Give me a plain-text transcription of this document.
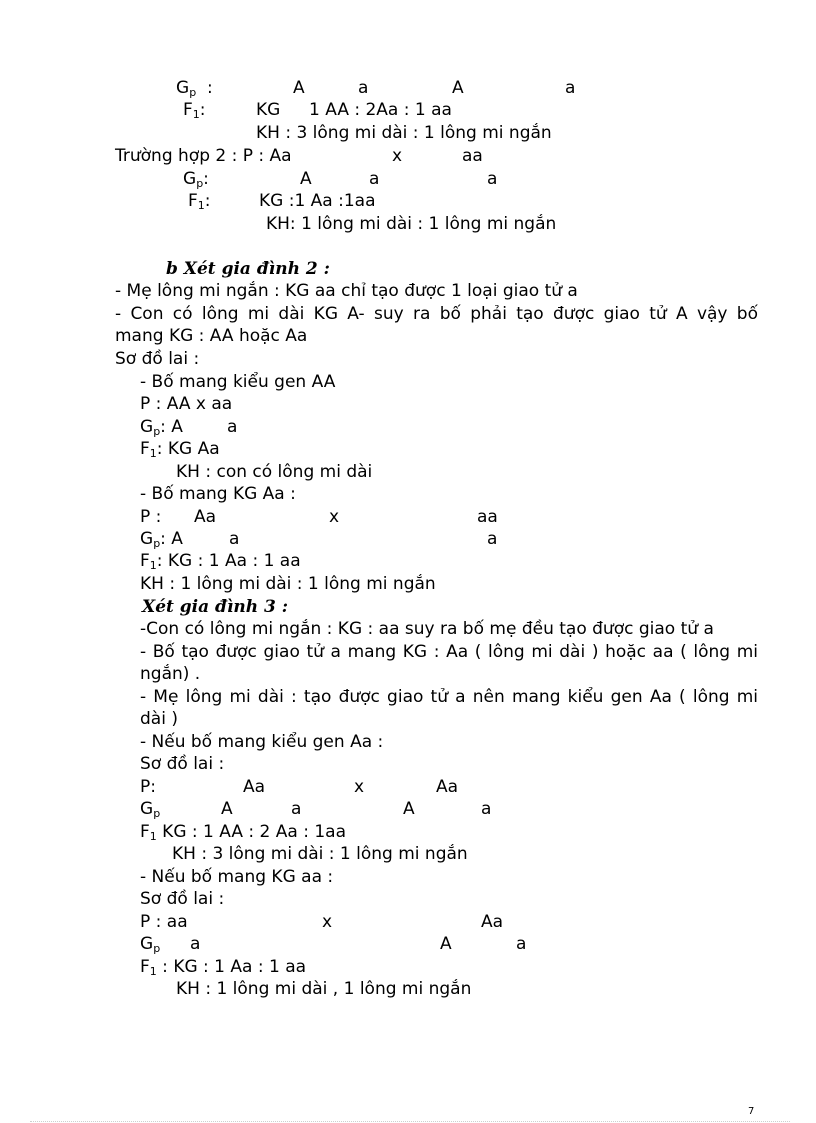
$G_p$ :	A	a	A	a
$F_1$:	KG 1 AA : 2Aa : 1 aa
KH : 3 lông mi dài : 1 lông mi ngắn
Trường hợp 2 : P : Aa	x	aa
$G_p$:	A	a	a
$F_1$:	KG :1 Aa :1aa
KH: 1 lông mi dài : 1 lông mi ngắn
b Xét gia đình 2 :
- Mẹ lông mi ngắn : KG aa chỉ tạo được 1 loại giao tử a
- Con có lông mi dài KG A- suy ra bố phải tạo được giao tử A vậy bố
mang KG : AA hoặc Aa
Sơ đồ lai :
- Bố mang kiểu gen AA
P : AA x aa
$G_p$: A	a
$F_1$: KG Aa
KH : con có lông mi dài
- Bố mang KG Aa :
P : Aa	x	aa
$G_p$: A	a	a
$F_1$: KG : 1 Aa : 1 aa
KH : 1 lông mi dài : 1 lông mi ngắn
Xét gia đình 3 :
-Con có lông mi ngắn : KG : aa suy ra bố mẹ đều tạo được giao tử a
- Bố tạo được giao tử a mang KG : Aa ( lông mi dài ) hoặc aa ( lông mi
ngắn) .
- Mẹ lông mi dài : tạo được giao tử a nên mang kiểu gen Aa ( lông mi
dài )
- Nếu bố mang kiểu gen Aa :
Sơ đồ lai :
P:	Aa	x	Aa
$G_p$	A	a	A	a
$F_1$ KG : 1 AA : 2 Aa : 1aa
KH : 3 lông mi dài : 1 lông mi ngắn
- Nếu bố mang KG aa :
Sơ đồ lai :
P : aa	x	Aa
$G_p$ a	A	a
$F_1$ : KG : 1 Aa : 1 aa
KH : 1 lông mi dài , 1 lông mi ngắn
7
